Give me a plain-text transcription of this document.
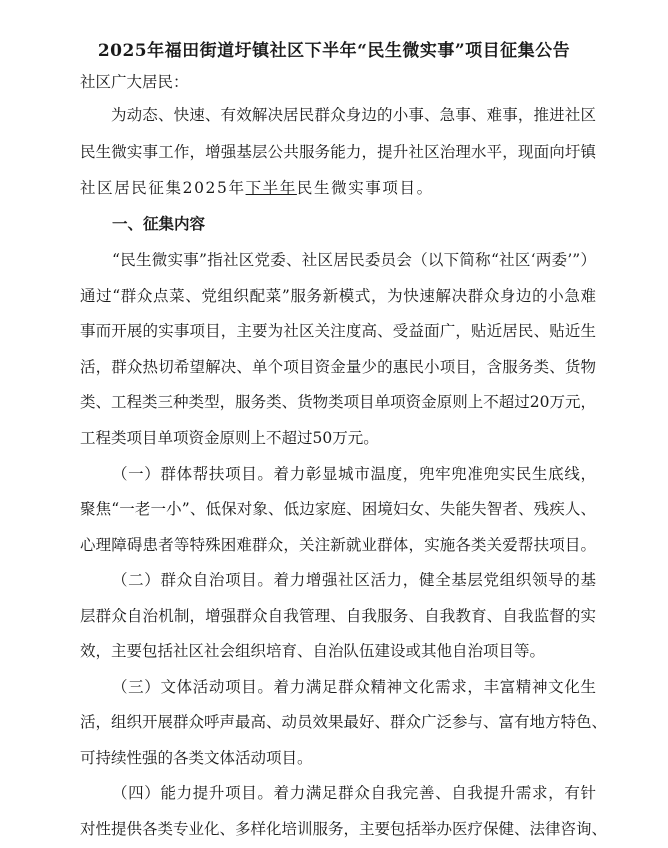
2025年福田街道圩镇社区下半年“民生微实事”项目征集公告
社区广大居民：
为动态、快速、有效解决居民群众身边的小事、急事、难事，推进社区
民生微实事工作，增强基层公共服务能力，提升社区治理水平，现面向圩镇
社区居民征集2025年下半年民生微实事项目。
一、征集内容
“民生微实事”指社区党委、社区居民委员会（以下简称“社区‘两委’”）
通过“群众点菜、党组织配菜”服务新模式，为快速解决群众身边的小急难
事而开展的实事项目，主要为社区关注度高、受益面广，贴近居民、贴近生
活，群众热切希望解决、单个项目资金量少的惠民小项目，含服务类、货物
类、工程类三种类型，服务类、货物类项目单项资金原则上不超过20万元，
工程类项目单项资金原则上不超过50万元。
（一）群体帮扶项目。着力彰显城市温度，兜牢兜准兜实民生底线，
聚焦“一老一小”、低保对象、低边家庭、困境妇女、失能失智者、残疾人、
心理障碍患者等特殊困难群众，关注新就业群体，实施各类关爱帮扶项目。
（二）群众自治项目。着力增强社区活力，健全基层党组织领导的基
层群众自治机制，增强群众自我管理、自我服务、自我教育、自我监督的实
效，主要包括社区社会组织培育、自治队伍建设或其他自治项目等。
（三）文体活动项目。着力满足群众精神文化需求，丰富精神文化生
活，组织开展群众呼声最高、动员效果最好、群众广泛参与、富有地方特色、
可持续性强的各类文体活动项目。
（四）能力提升项目。着力满足群众自我完善、自我提升需求，有针
对性提供各类专业化、多样化培训服务，主要包括举办医疗保健、法律咨询、
